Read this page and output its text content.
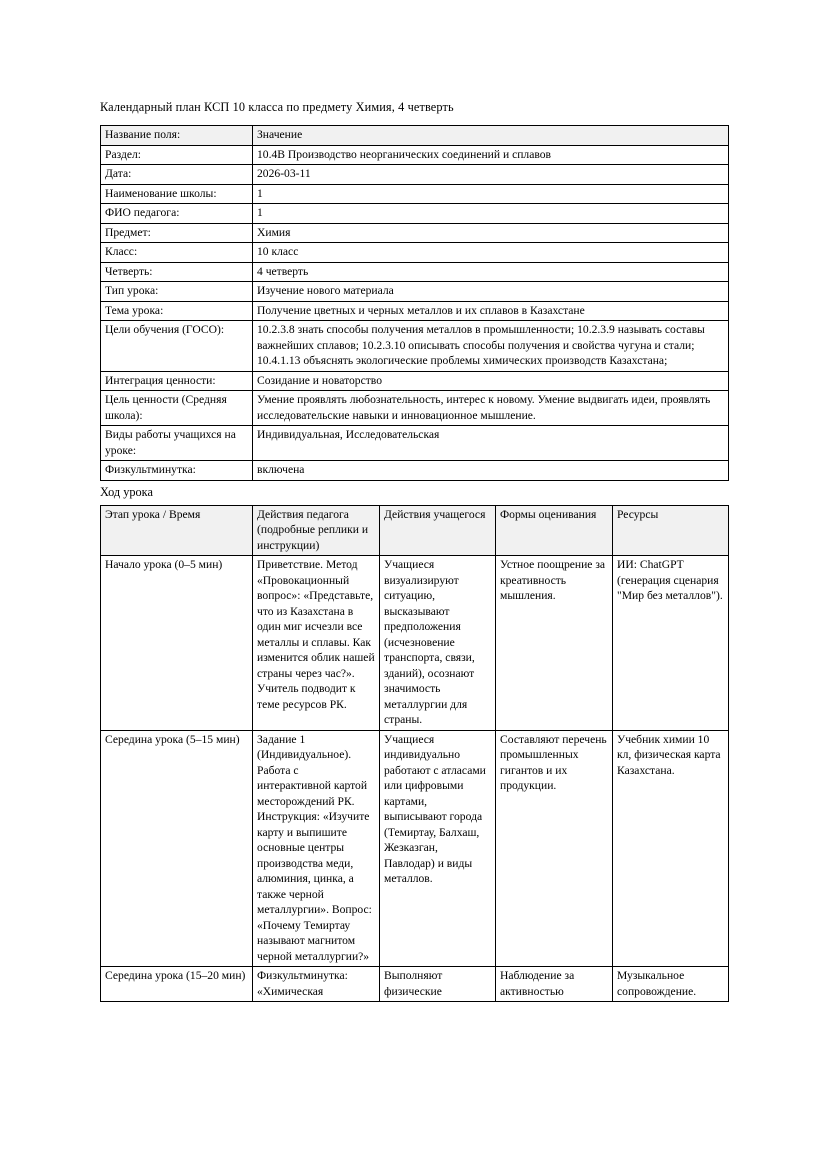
Календарный план КСП 10 класса по предмету Химия, 4 четверть

Название поля:	Значение
Раздел:	10.4В Производство неорганических соединений и сплавов
Дата:	2026-03-11
Наименование школы:	1
ФИО педагога:	1
Предмет:	Химия
Класс:	10 класс
Четверть:	4 четверть
Тип урока:	Изучение нового материала
Тема урока:	Получение цветных и черных металлов и их сплавов в Казахстане
Цели обучения (ГОСО):	10.2.3.8 знать способы получения металлов в промышленности; 10.2.3.9 называть составы важнейших сплавов; 10.2.3.10 описывать способы получения и свойства чугуна и стали; 10.4.1.13 объяснять экологические проблемы химических производств Казахстана;
Интеграция ценности:	Созидание и новаторство
Цель ценности (Средняя школа):	Умение проявлять любознательность, интерес к новому. Умение выдвигать идеи, проявлять исследовательские навыки и инновационное мышление.
Виды работы учащихся на уроке:	Индивидуальная, Исследовательская
Физкультминутка:	включена

Ход урока

Этап урока / Время	Действия педагога (подробные реплики и инструкции)	Действия учащегося	Формы оценивания	Ресурсы
Начало урока (0–5 мин)	Приветствие. Метод «Провокационный вопрос»: «Представьте, что из Казахстана в один миг исчезли все металлы и сплавы. Как изменится облик нашей страны через час?». Учитель подводит к теме ресурсов РК.	Учащиеся визуализируют ситуацию, высказывают предположения (исчезновение транспорта, связи, зданий), осознают значимость металлургии для страны.	Устное поощрение за креативность мышления.	ИИ: ChatGPT (генерация сценария "Мир без металлов").
Середина урока (5–15 мин)	Задание 1 (Индивидуальное). Работа с интерактивной картой месторождений РК. Инструкция: «Изучите карту и выпишите основные центры производства меди, алюминия, цинка, а также черной металлургии». Вопрос: «Почему Темиртау называют магнитом черной металлургии?»	Учащиеся индивидуально работают с атласами или цифровыми картами, выписывают города (Темиртау, Балхаш, Жезказган, Павлодар) и виды металлов.	Составляют перечень промышленных гигантов и их продукции.	Учебник химии 10 кл, физическая карта Казахстана.
Середина урока (15–20 мин)	Физкультминутка: «Химическая	Выполняют физические	Наблюдение за активностью	Музыкальное сопровождение.
